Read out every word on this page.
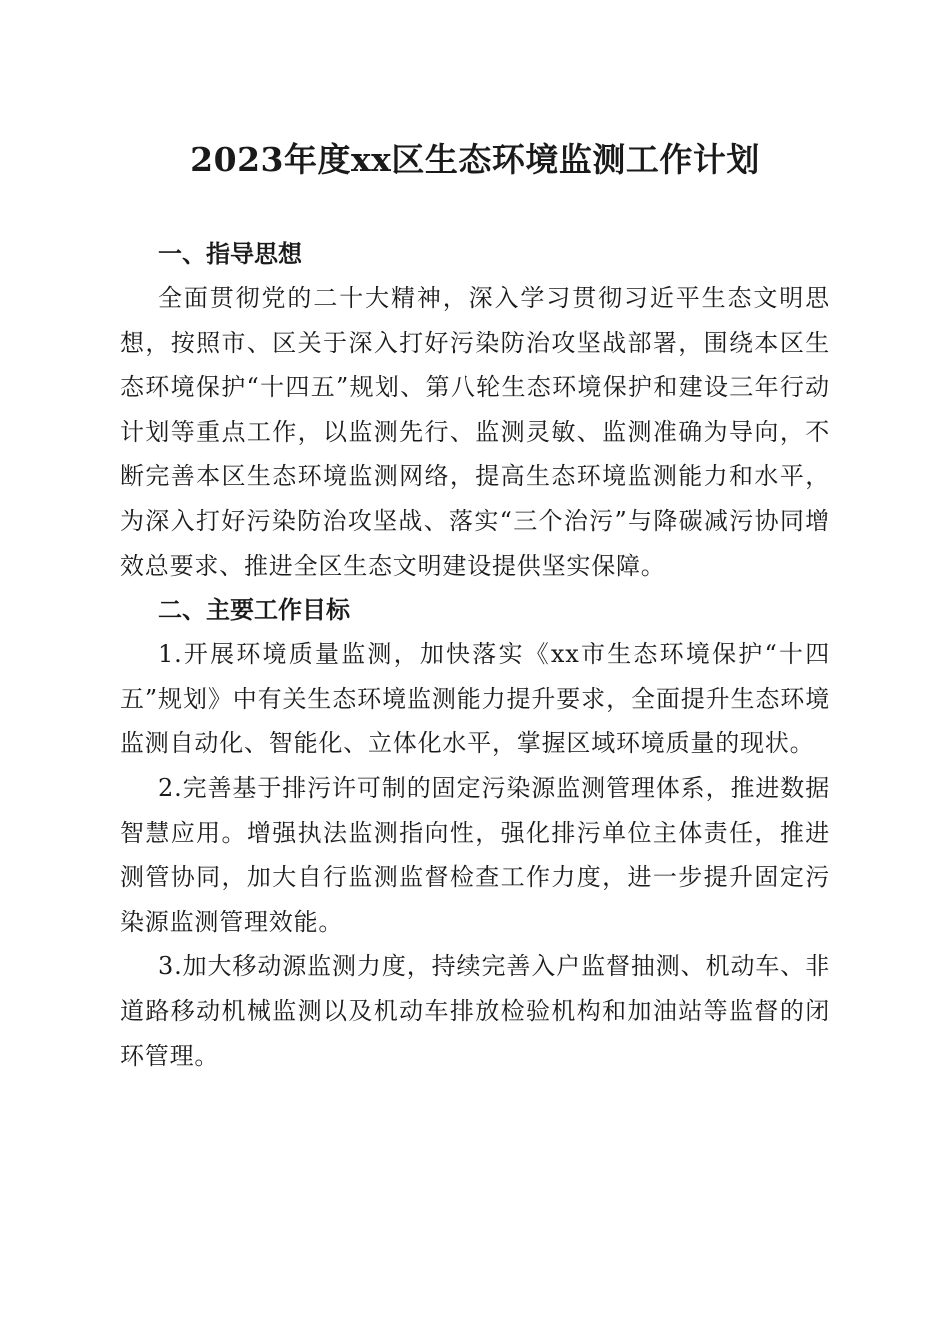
2023年度xx区生态环境监测工作计划
一、指导思想

全面贯彻党的二十大精神，深入学习贯彻习近平生态文明思想，按照市、区关于深入打好污染防治攻坚战部署，围绕本区生态环境保护“十四五”规划、第八轮生态环境保护和建设三年行动计划等重点工作，以监测先行、监测灵敏、监测准确为导向，不断完善本区生态环境监测网络，提高生态环境监测能力和水平，为深入打好污染防治攻坚战、落实“三个治污”与降碳减污协同增效总要求、推进全区生态文明建设提供坚实保障。

二、主要工作目标

1.开展环境质量监测，加快落实《xx市生态环境保护“十四五”规划》中有关生态环境监测能力提升要求，全面提升生态环境监测自动化、智能化、立体化水平，掌握区域环境质量的现状。

2.完善基于排污许可制的固定污染源监测管理体系，推进数据智慧应用。增强执法监测指向性，强化排污单位主体责任，推进测管协同，加大自行监测监督检查工作力度，进一步提升固定污染源监测管理效能。

3.加大移动源监测力度，持续完善入户监督抽测、机动车、非道路移动机械监测以及机动车排放检验机构和加油站等监督的闭环管理。
